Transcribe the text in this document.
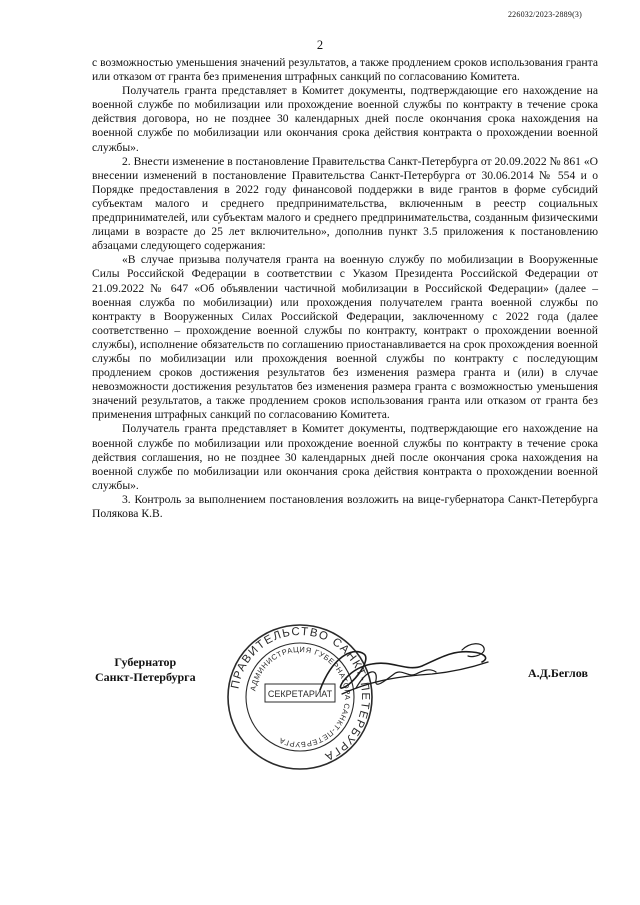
226032/2023-2889(3)
2

с возможностью уменьшения значений результатов, а также продлением сроков использования гранта или отказом от гранта без применения штрафных санкций по согласованию Комитета.

Получатель гранта представляет в Комитет документы, подтверждающие его нахождение на военной службе по мобилизации или прохождение военной службы по контракту в течение срока действия договора, но не позднее 30 календарных дней после окончания срока нахождения на военной службе по мобилизации или окончания срока действия контракта о прохождении военной службы».

2. Внести изменение в постановление Правительства Санкт-Петербурга от 20.09.2022 № 861 «О внесении изменений в постановление Правительства Санкт-Петербурга от 30.06.2014 № 554 и о Порядке предоставления в 2022 году финансовой поддержки в виде грантов в форме субсидий субъектам малого и среднего предпринимательства, включенным в реестр социальных предпринимателей, или субъектам малого и среднего предпринимательства, созданным физическими лицами в возрасте до 25 лет включительно», дополнив пункт 3.5 приложения к постановлению абзацами следующего содержания:

«В случае призыва получателя гранта на военную службу по мобилизации в Вооруженные Силы Российской Федерации в соответствии с Указом Президента Российской Федерации от 21.09.2022 № 647 «Об объявлении частичной мобилизации в Российской Федерации» (далее – военная служба по мобилизации) или прохождения получателем гранта военной службы по контракту в Вооруженных Силах Российской Федерации, заключенному с 2022 года (далее соответственно – прохождение военной службы по контракту, контракт о прохождении военной службы), исполнение обязательств по соглашению приостанавливается на срок прохождения военной службы по мобилизации или прохождения военной службы по контракту с последующим продлением сроков достижения результатов без изменения размера гранта и (или) в случае невозможности достижения результатов без изменения размера гранта с возможностью уменьшения значений результатов, а также продлением сроков использования гранта или отказом от гранта без применения штрафных санкций по согласованию Комитета.

Получатель гранта представляет в Комитет документы, подтверждающие его нахождение на военной службе по мобилизации или прохождение военной службы по контракту в течение срока действия соглашения, но не позднее 30 календарных дней после окончания срока нахождения на военной службе по мобилизации или окончания срока действия контракта о прохождении военной службы».

3. Контроль за выполнением постановления возложить на вице-губернатора Санкт-Петербурга Полякова К.В.

Губернатор
Санкт-Петербурга	ПРАВИТЕЛЬСТВО САНКТ-ПЕТЕРБУРГА
АДМИНИСТРАЦИЯ ГУБЕРНАТОРА САНКТ-ПЕТЕРБУРГА
СЕКРЕТАРИАТ
А.Д.Беглов
